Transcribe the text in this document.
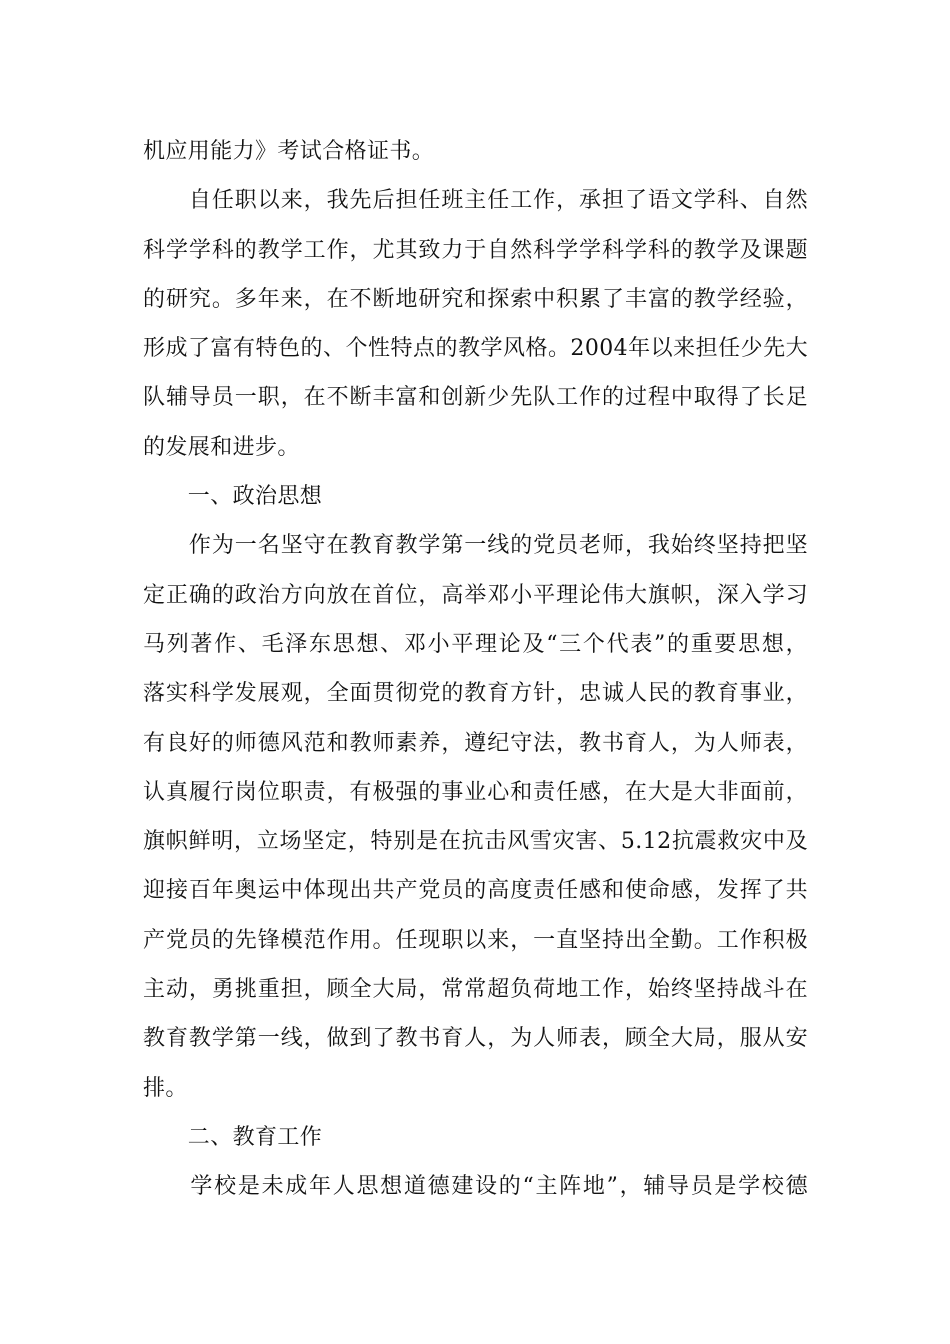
机应用能力》考试合格证书。
　　自任职以来，我先后担任班主任工作，承担了语文学科、自然
科学学科的教学工作，尤其致力于自然科学学科学科的教学及课题
的研究。多年来，在不断地研究和探索中积累了丰富的教学经验，
形成了富有特色的、个性特点的教学风格。2004年以来担任少先大
队辅导员一职，在不断丰富和创新少先队工作的过程中取得了长足
的发展和进步。
　　一、政治思想
　　作为一名坚守在教育教学第一线的党员老师，我始终坚持把坚
定正确的政治方向放在首位，高举邓小平理论伟大旗帜，深入学习
马列著作、毛泽东思想、邓小平理论及“三个代表”的重要思想，
落实科学发展观，全面贯彻党的教育方针，忠诚人民的教育事业，
有良好的师德风范和教师素养，遵纪守法，教书育人，为人师表，
认真履行岗位职责，有极强的事业心和责任感，在大是大非面前，
旗帜鲜明，立场坚定，特别是在抗击风雪灾害、5.12抗震救灾中及
迎接百年奥运中体现出共产党员的高度责任感和使命感，发挥了共
产党员的先锋模范作用。任现职以来，一直坚持出全勤。工作积极
主动，勇挑重担，顾全大局，常常超负荷地工作，始终坚持战斗在
教育教学第一线，做到了教书育人，为人师表，顾全大局，服从安
排。
　　二、教育工作
　　学校是未成年人思想道德建设的“主阵地”，辅导员是学校德
